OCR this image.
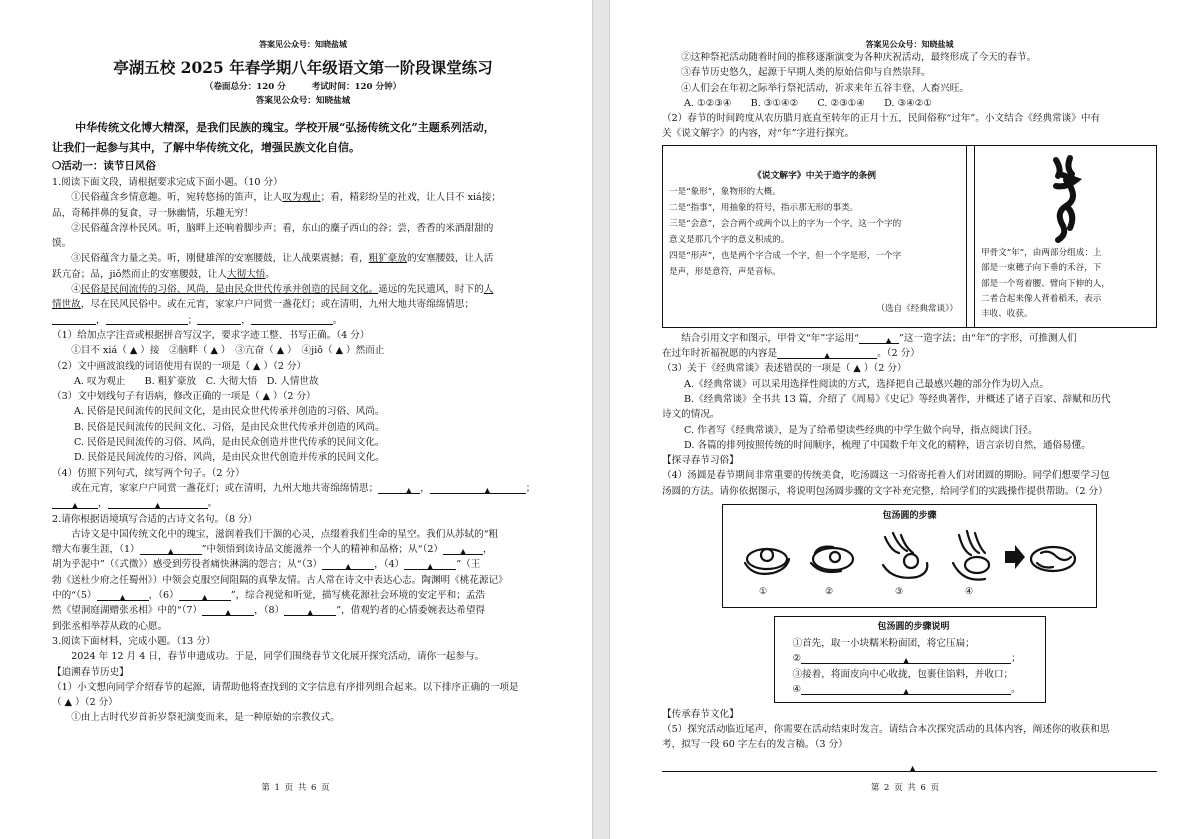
答案见公众号：知晓盐城
亭湖五校 2025 年春学期八年级语文第一阶段课堂练习
（卷面总分：120 分　　　考试时间：120 分钟）
答案见公众号：知晓盐城
中华传统文化博大精深，是我们民族的瑰宝。学校开展“弘扬传统文化”主题系列活动，
让我们一起参与其中，了解中华传统文化，增强民族文化自信。
❍活动一：读节日风俗
1.阅读下面文段，请根据要求完成下面小题。（10 分）
①民俗蕴含乡情意趣。听，宛转悠扬的笛声，让人叹为观止；看，精彩纷呈的社戏，让人目不 xiá接；
品，奇稀拌鼻的复食，寻一脉幽情，乐趣无穷！
②民俗蕴含淳朴民风。听，脑畔上还响着脚步声；看，东山的麋子西山的谷；尝，香香的米酒甜甜的
馍。
③民俗蕴含力量之美。听，刚健雄浑的安塞腰鼓，让人战栗震撼；看，粗犷豪放的安塞腰鼓，让人活
跃亢奋；品，jiǒ然而止的安塞腰鼓，让人大彻大悟。
④民俗是民间流传的习俗、风尚，是由民众世代传承并创造的民间文化。遥远的先民遗风，时下的人
情世故，尽在民风民俗中。或在元宵，家家户户同赏一盏花灯；或在清明，九州大地共寄绵绵情思；
，	；	，	。
（1）给加点字注音或根据拼音写汉字，要求字迹工整、书写正确。（4 分）
①目不 xiá（ ▲ ）接　②脑畔（ ▲ ）　③亢奋（ ▲ ）　④jiǒ（ ▲ ）然而止
（2）文中画波浪线的词语使用有误的一项是（ ▲ ）（2 分）
A. 叹为观止　　 B. 粗犷豪放　 C. 大彻大悟　 D. 人情世故
（3）文中划线句子有语病，修改正确的一项是（ ▲ ）（2 分）
A. 民俗是民间流传的民间文化，是由民众世代传承并创造的习俗、风尚。
B. 民俗是民间流传的民间文化、习俗，是由民众世代传承并创造的风尚。
C. 民俗是民间流传的习俗、风尚，是由民众创造并世代传承的民间文化。
D. 民俗是民间流传的习俗、风尚，是由民众世代创造并传承的民间文化。
（4）仿照下列句式，续写两个句子。（2 分）
或在元宵，家家户户同赏一盏花灯；或在清明，九州大地共寄绵绵情思；	▲ ，	▲	；
▲ ，	▲	。
2.请你根据语境填写合适的古诗文名句。（8 分）
古诗文是中国传统文化中的瑰宝，滋润着我们干涸的心灵，点缀着我们生命的星空。我们从苏轼的“粗
缯大布裹生涯，（1）	▲	”中领悟到读诗品文能滋养一个人的精神和品格；从“（2） ▲ ，
胡为乎泥中”（《式微》）感受到劳役者痛快淋漓的怨言；从“（3）	▲ ，（4）	▲ ”（王
勃《送杜少府之任蜀州》）中领会克服空间阻隔的真挚友情。古人常在诗文中表达心志。陶渊明《桃花源记》
中的“（5）	▲ ，（6）	▲ ”，综合视觉和听觉，描写桃花源社会环境的安定平和；孟浩
然《望洞庭湖赠张丞相》中的“（7）	▲ ，（8）	▲ ”，借观钓者的心情委婉表达希望得
到张丞相举荐从政的心愿。
3.阅读下面材料，完成小题。（13 分）
2024 年 12 月 4 日，春节申遗成功。于是，同学们围绕春节文化展开探究活动，请你一起参与。
【追溯春节历史】
（1）小文想向同学介绍春节的起源，请帮助他将查找到的文字信息有序排列组合起来。以下排序正确的一项是
（ ▲ ）（2 分）
①由上古时代岁首祈岁祭祀演变而来，是一种原始的宗教仪式。
第 1 页 共 6 页
答案见公众号：知晓盐城
②这种祭祀活动随着时间的推移逐渐演变为各种庆祝活动，最终形成了今天的春节。
③春节历史悠久，起源于早期人类的原始信仰与自然崇拜。
④人们会在年初之际举行祭祀活动，祈求来年五谷丰登、人畜兴旺。
A. ①②③④　　 B. ③①④②　　 C. ②③①④　　 D. ③④②①
（2）春节的时间跨度从农历腊月底直至转年的正月十五，民间俗称“过年”。小文结合《经典常谈》中有
关《说文解字》的内容，对“年”字进行探究。
《说文解字》中关于造字的条例
一是“象形”，象物形的大概。
二是“指事”，用抽象的符号，指示那无形的事类。
三是“会意”，会合两个或两个以上的字为一个字，这一个字的
意义是那几个字的意义积成的。
四是“形声”，也是两个字合成一个字，但一个字是形，一个字
是声，形是意符，声是音标。
（选自《经典常谈》）

甲骨文“年”，由两部分组成：上
部是一束穗子向下垂的禾谷，下
部是一个弯着腰、臂向下伸的人，
二者合起来像人背着稻禾，表示
丰收、收获。
结合引用文字和图示，甲骨文“年”字运用“	▲ ”这一造字法；由“年”的字形，可推测人们
在过年时祈福祝愿的内容是	▲	。（2 分）
（3）关于《经典常谈》表述错误的一项是（ ▲ ）（2 分）
A.《经典常谈》可以采用选择性阅读的方式，选择把自己最感兴趣的部分作为切入点。
B.《经典常谈》全书共 13 篇，介绍了《周易》《史记》等经典著作，并概述了诸子百家、辞赋和历代
诗文的情况。
C. 作者写《经典常谈》，是为了给希望读些经典的中学生做个向导，指点阅读门径。
D. 各篇的排列按照传统的时间顺序，梳理了中国数千年文化的精粹，语言亲切自然，通俗易懂。
【探寻春节习俗】
（4）汤圆是春节期间非常重要的传统美食，吃汤圆这一习俗寄托着人们对团圆的期盼。同学们想要学习包
汤圆的方法。请你依据图示，将说明包汤圆步骤的文字补充完整，给同学们的实践操作提供帮助。（2 分）
包汤圆的步骤
①	②	③	④
包汤圆的步骤说明
①首先，取一小块糯米粉面团，将它压扁；
②	▲	；
③接着，将面皮向中心收拢，包裹住馅料，并收口；
④	▲	。
【传承春节文化】
（5）探究活动临近尾声，你需要在活动结束时发言。请结合本次探究活动的具体内容，阐述你的收获和思
考，拟写一段 60 字左右的发言稿。（3 分）
▲
第 2 页 共 6 页
